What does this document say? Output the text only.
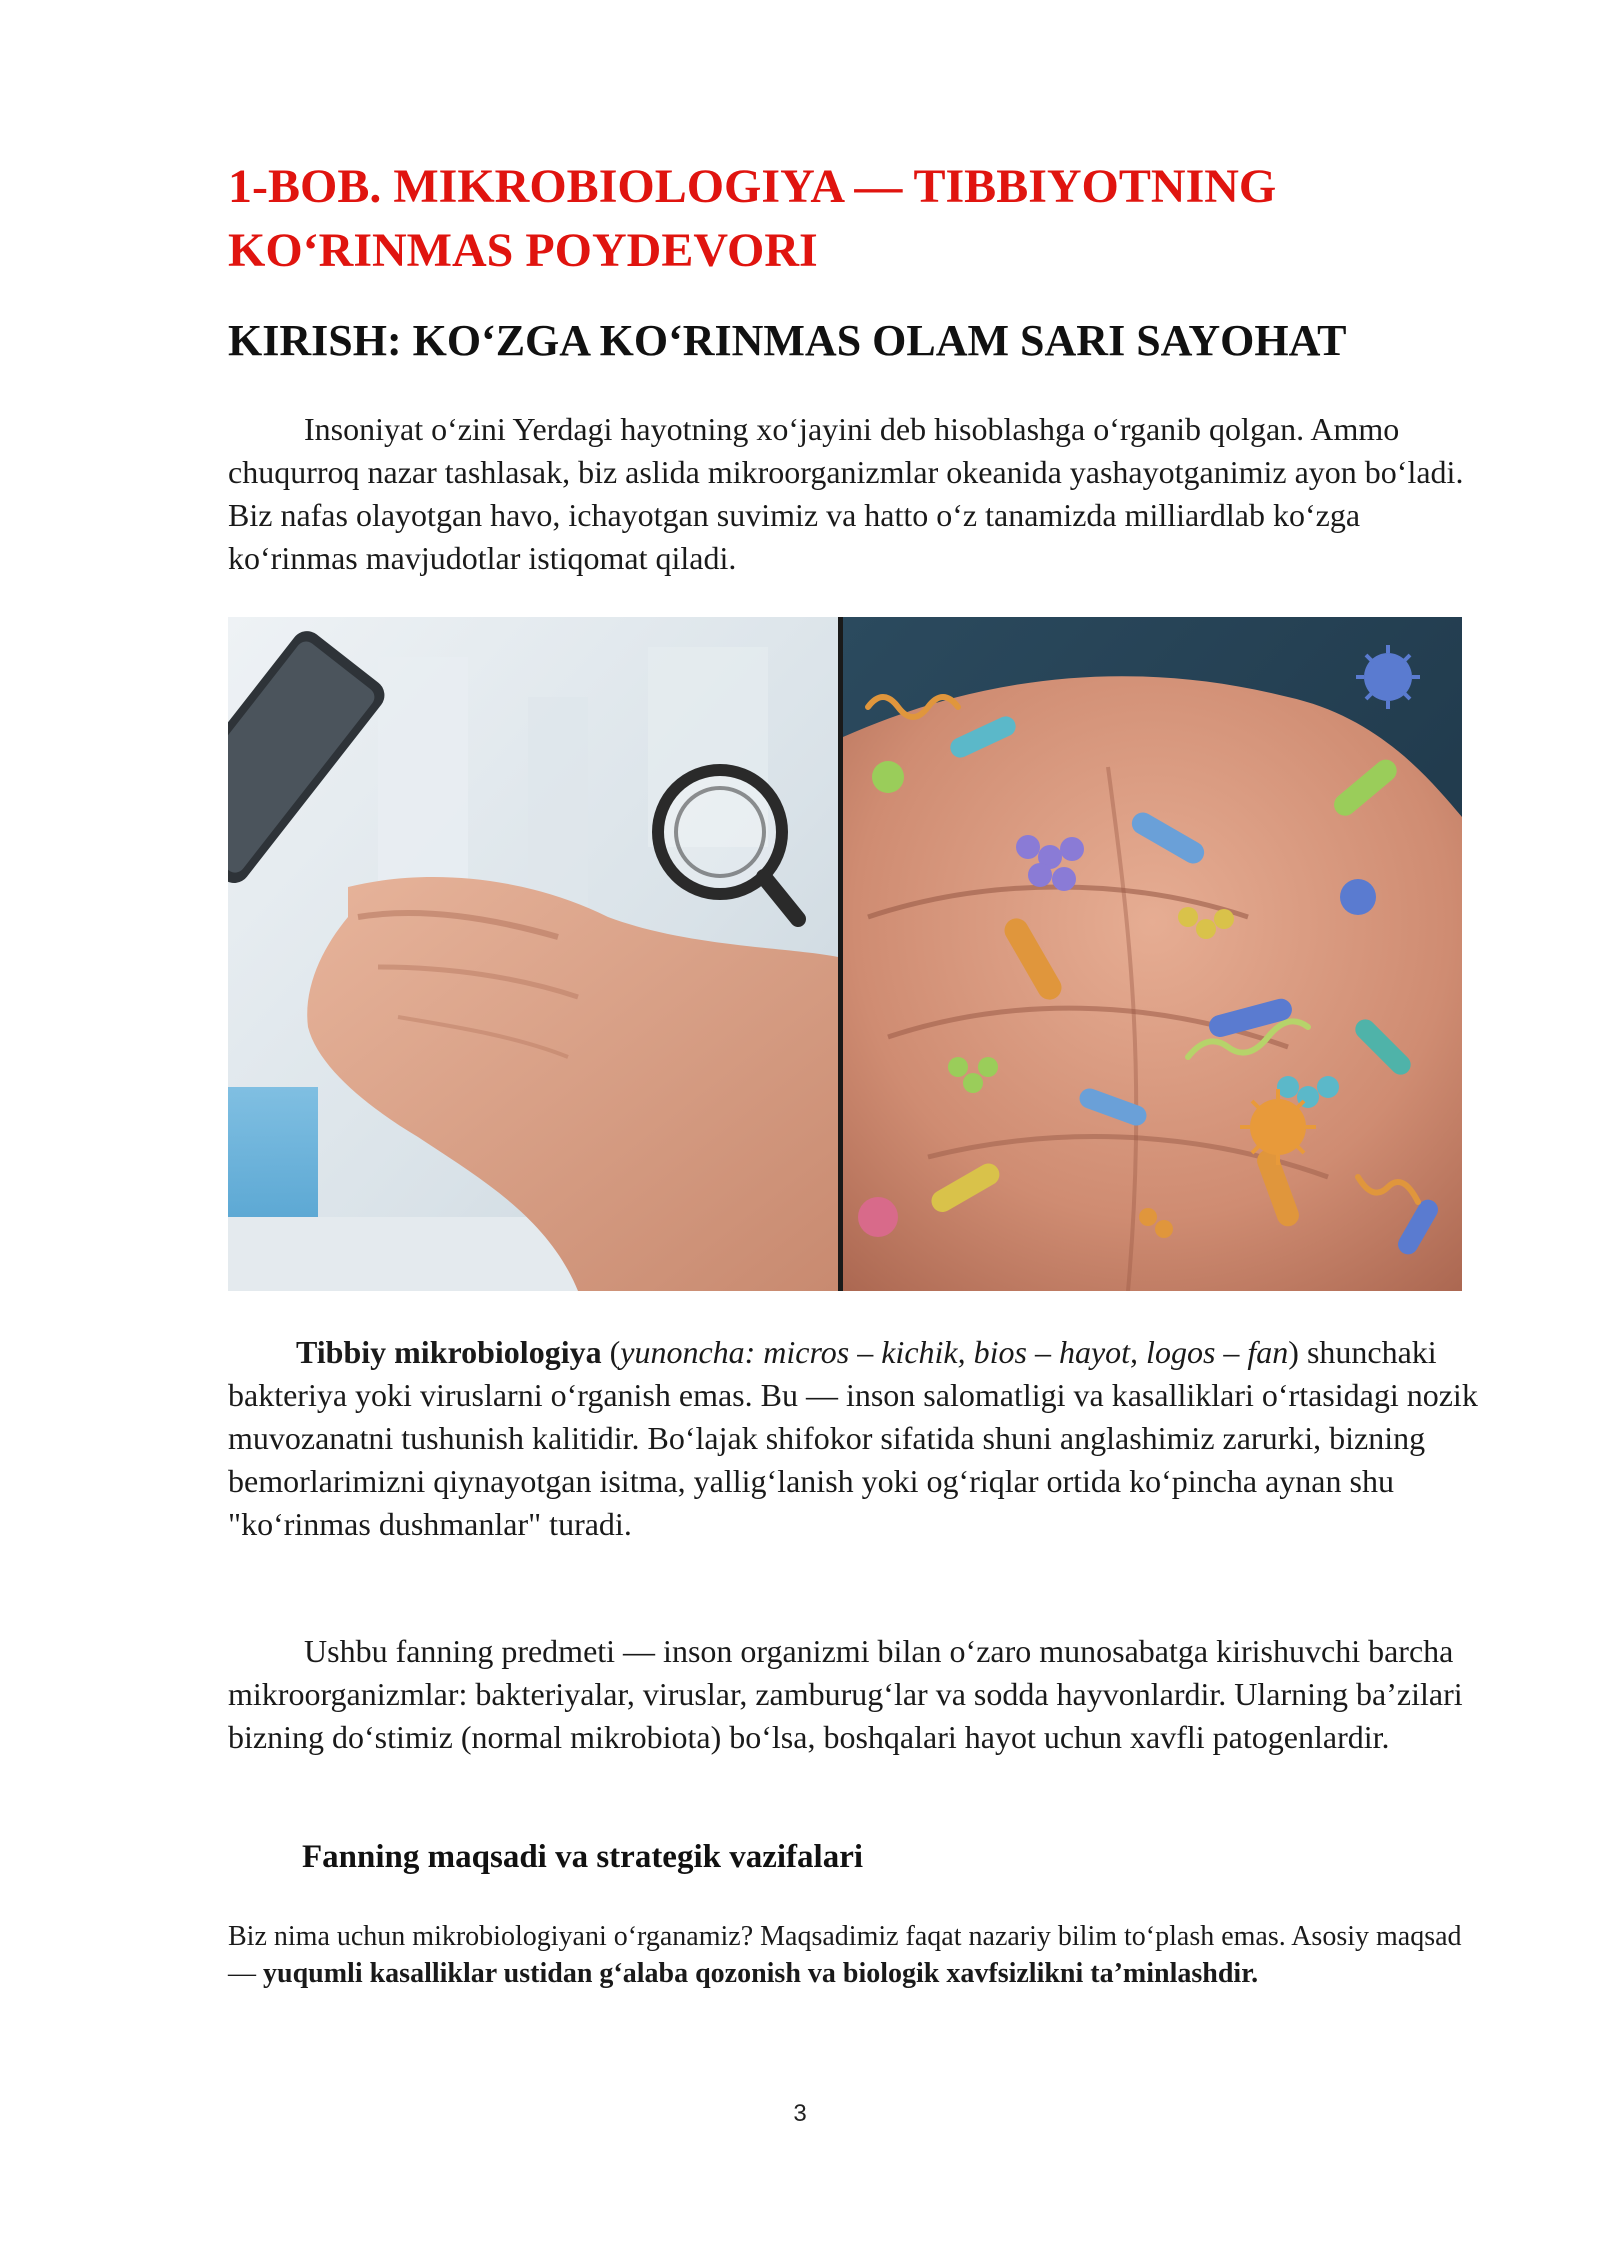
1-BOB. MIKROBIOLOGIYA — TIBBIYOTNING KO‘RINMAS POYDEVORI
KIRISH: KO‘ZGA KO‘RINMAS OLAM SARI SAYOHAT

Insoniyat o‘zini Yerdagi hayotning xo‘jayini deb hisoblashga o‘rganib qolgan. Ammo chuqurroq nazar tashlasak, biz aslida mikroorganizmlar okeanida yashayotganimiz ayon bo‘ladi. Biz nafas olayotgan havo, ichayotgan suvimiz va hatto o‘z tanamizda milliardlab ko‘zga ko‘rinmas mavjudotlar istiqomat qiladi.

Tibbiy mikrobiologiya (yunoncha: micros – kichik, bios – hayot, logos – fan) shunchaki bakteriya yoki viruslarni o‘rganish emas. Bu — inson salomatligi va kasalliklari o‘rtasidagi nozik muvozanatni tushunish kalitidir. Bo‘lajak shifokor sifatida shuni anglashimiz zarurki, bizning bemorlarimizni qiynayotgan isitma, yallig‘lanish yoki og‘riqlar ortida ko‘pincha aynan shu "ko‘rinmas dushmanlar" turadi.

Ushbu fanning predmeti — inson organizmi bilan o‘zaro munosabatga kirishuvchi barcha mikroorganizmlar: bakteriyalar, viruslar, zamburug‘lar va sodda hayvonlardir. Ularning ba’zilari bizning do‘stimiz (normal mikrobiota) bo‘lsa, boshqalari hayot uchun xavfli patogenlardir.

Fanning maqsadi va strategik vazifalari

Biz nima uchun mikrobiologiyani o‘rganamiz? Maqsadimiz faqat nazariy bilim to‘plash emas. Asosiy maqsad — yuqumli kasalliklar ustidan g‘alaba qozonish va biologik xavfsizlikni ta’minlashdir.

3
